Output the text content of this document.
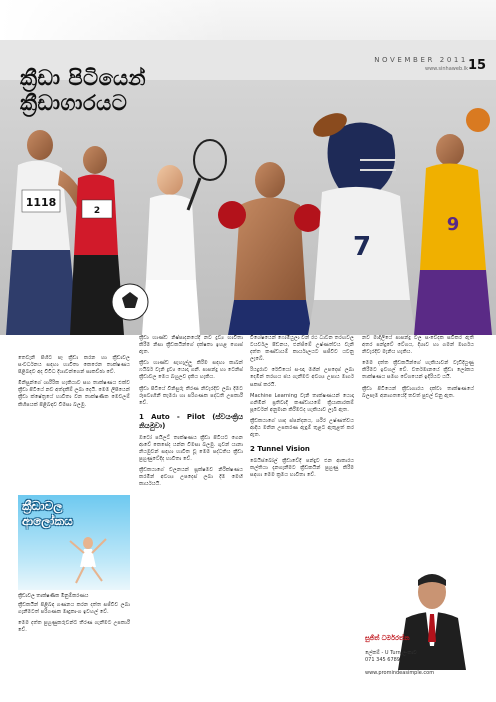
1118
2
7
9
ක්‍රීඩා පිටියෙන්
ක්‍රීඩාගාරයට
NOVEMBER 2011
www.sinhaweb.lk 15

තෙවැනි පිහිට පෑ ක්‍රීඩා කරන හා ක්‍රීඩාවල සංවර්ධනය සඳහා භාවිතා කෙරෙන තාක්ෂණය පිළිබඳව අද විවිධ දිශාවන්ගෙන් සාකච්ඡා වේ.

මිනිසුන්ගේ ශාරීරික හැකියාව සහ තාක්ෂණය එක්ව ක්‍රීඩා පිටියේ නව අත්දැකීම් ලබා දෙයි. මෙම ලිපියෙන් ක්‍රීඩා ක්ෂේත්‍රයේ භාවිතා වන තාක්ෂණික මෙවලම් කිහිපයක් පිළිබඳව විමසා බලමු.

ක්‍රීඩාවල
ආලෝකය
ක්‍රීඩාවල තාක්ෂණික මිනුම්කරණය

ක්‍රීඩකයින් පිළිබඳ ගණනය කරන දත්ත සජීවීව ලබා ගැනීමටත් පරිගණක මෘදුකාංග ඉවහල් වේ.

මෙම දත්ත පුහුණුකරුවන්ට තීරණ ගැනීමට උපකාරී වේ.

ක්‍රීඩා භාණ්ඩ නිෂ්පාදනයේදී නව ද්‍රව්‍ය භාවිතා කිරීම නිසා ක්‍රීඩකයින්ගේ දක්ෂතා ඉහළ ගොස් ඇත.

ක්‍රීඩා භාණ්ඩ සැහැල්ලු කිරීම සඳහා කාබන් ෆයිබර් වැනි ද්‍රව්‍ය යොදා ගනී. පාපන්දු හා ටෙනිස් ක්‍රීඩාවල මෙය බහුලව දැකිය හැකිය.

ක්‍රීඩා පිටියේ විනිසුරු තීරණ නිවැරදිව ලබා දීමට රූපවාහිනී කැමරා හා පරිගණක පද්ධති උපකාරී වේ.

1 Auto - Pilot (ස්වයංක්‍රිය නියමුවා)

ඔටෝ පයිලට් තාක්ෂණය ක්‍රීඩා පිටියට ගෙන ආවේ කෙසේද යන්න විමසා බලමු. ගුවන් යානා නියමුවන් සඳහා භාවිත වූ මෙම පද්ධතිය ක්‍රීඩා පුහුණුවේදීද භාවිතා වේ.

ක්‍රීඩකයාගේ චලනයන් සූක්ෂමව නිරීක්ෂණය කරමින් අවශ්‍ය උපදෙස් ලබා දීම මෙහි කාර්යයයි.

විශේෂයෙන් ෆෝමියුලා වන් රථ ධාවන තරඟවල ටයර්වල පීඩනය, එන්ජිමේ උෂ්ණත්වය වැනි දත්ත කණ්ඩායම් කාර්යාලයට සජීවීව යවනු ලැබේ.

රියදුරාට රේඩියෝ සංඥා මගින් උපදෙස් ලබා දෙමින් තරඟය ජය ගැනීමට අවශ්‍ය උපාය මාර්ග සකස් කරයි.

Machine Learning වැනි තාක්ෂණයන් යොදා ගනිමින් ප්‍රතිවාදී කණ්ඩායමේ ක්‍රියාකාරකම් පූර්වෙන් අනුමාන කිරීමටද හැකියාව ලැබී ඇත.

ක්‍රීඩකයාගේ හෘද ස්පන්දනය, ශරීර උෂ්ණත්වය ආදිය මනින උපකරණ ඇඳුම් තුළට ඇතුළත් කර ඇත.

2 Tunnel Vision

බෙයිස්බෝල් ක්‍රීඩාවේදී පන්දුව එන ආකාරය කල්තියා දැනගැනීමට ක්‍රීඩකයින් පුහුණු කිරීම සඳහා මෙම ක්‍රමය භාවිතා වේ.

නව මාදිලියේ පාපන්දු වල සංවේදක සවිකර ඇති අතර පන්දුවේ වේගය, දිශාව හා ගමන් මාර්ගය නිවැරදිව මැනිය හැකිය.

මෙම දත්ත ක්‍රීඩකයින්ගේ හැකියාවන් වැඩිදියුණු කිරීමට ඉවහල් වේ. වර්තමානයේ ක්‍රීඩා ලෝකය තාක්ෂණය සමඟ වේගයෙන් ඉදිරියට යයි.

ක්‍රීඩා පිටියෙන් ක්‍රීඩාගාරය දක්වා තාක්ෂණයේ බලපෑම අනාගතයේදී තවත් පුළුල් වනු ඇත.

සුජිත් ධර්මරත්න
ලේකම් - U Turn ලංකාව
071 345 6789
www.promindeasimple.com
